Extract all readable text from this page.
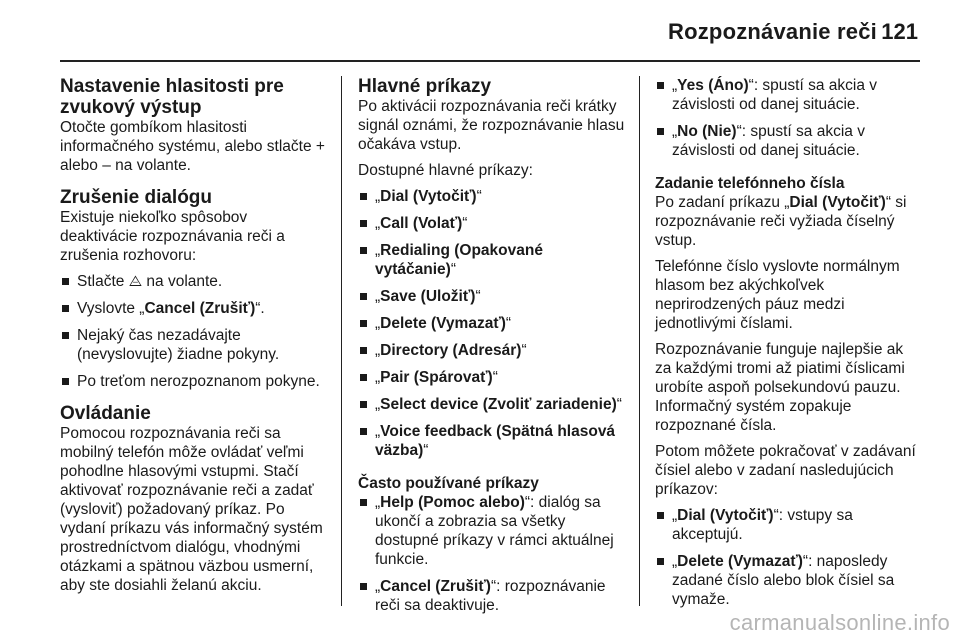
Rozpoznávanie reči 121
Nastavenie hlasitosti pre zvukový výstup

Otočte gombíkom hlasitosti informačného systému, alebo stlačte + alebo – na volante.

Zrušenie dialógu

Existuje niekoľko spôsobov deaktivácie rozpoznávania reči a zrušenia rozhovoru:

Stlačte ⨺ na volante.
Vyslovte „Cancel (Zrušiť)“.
Nejaký čas nezadávajte (nevyslovujte) žiadne pokyny.
Po treťom nerozpoznanom pokyne.
Ovládanie

Pomocou rozpoznávania reči sa mobilný telefón môže ovládať veľmi pohodlne hlasovými vstupmi. Stačí aktivovať rozpoznávanie reči a zadať (vysloviť) požadovaný príkaz. Po vydaní príkazu vás informačný systém prostredníctvom dialógu, vhodnými otázkami a spätnou väzbou usmerní, aby ste dosiahli želanú akciu.

Hlavné príkazy

Po aktivácii rozpoznávania reči krátky signál oznámi, že rozpoznávanie hlasu očakáva vstup.

Dostupné hlavné príkazy:

„Dial (Vytočiť)“
„Call (Volať)“
„Redialing (Opakované vytáčanie)“
„Save (Uložiť)“
„Delete (Vymazať)“
„Directory (Adresár)“
„Pair (Spárovať)“
„Select device (Zvoliť zariadenie)“
„Voice feedback (Spätná hlasová väzba)“
Často používané príkazy
„Help (Pomoc alebo)“: dialóg sa ukončí a zobrazia sa všetky dostupné príkazy v rámci aktuálnej funkcie.
„Cancel (Zrušiť)“: rozpoznávanie reči sa deaktivuje.
„Yes (Áno)“: spustí sa akcia v závislosti od danej situácie.
„No (Nie)“: spustí sa akcia v závislosti od danej situácie.
Zadanie telefónneho čísla

Po zadaní príkazu „Dial (Vytočiť)“ si rozpoznávanie reči vyžiada číselný vstup.

Telefónne číslo vyslovte normálnym hlasom bez akýchkoľvek neprirodzených páuz medzi jednotlivými číslami.

Rozpoznávanie funguje najlepšie ak za každými tromi až piatimi číslicami urobíte aspoň polsekundovú pauzu. Informačný systém zopakuje rozpoznané čísla.

Potom môžete pokračovať v zadávaní čísiel alebo v zadaní nasledujúcich príkazov:

„Dial (Vytočiť)“: vstupy sa akceptujú.
„Delete (Vymazať)“: naposledy zadané číslo alebo blok čísiel sa vymaže.
carmanualsonline.info
